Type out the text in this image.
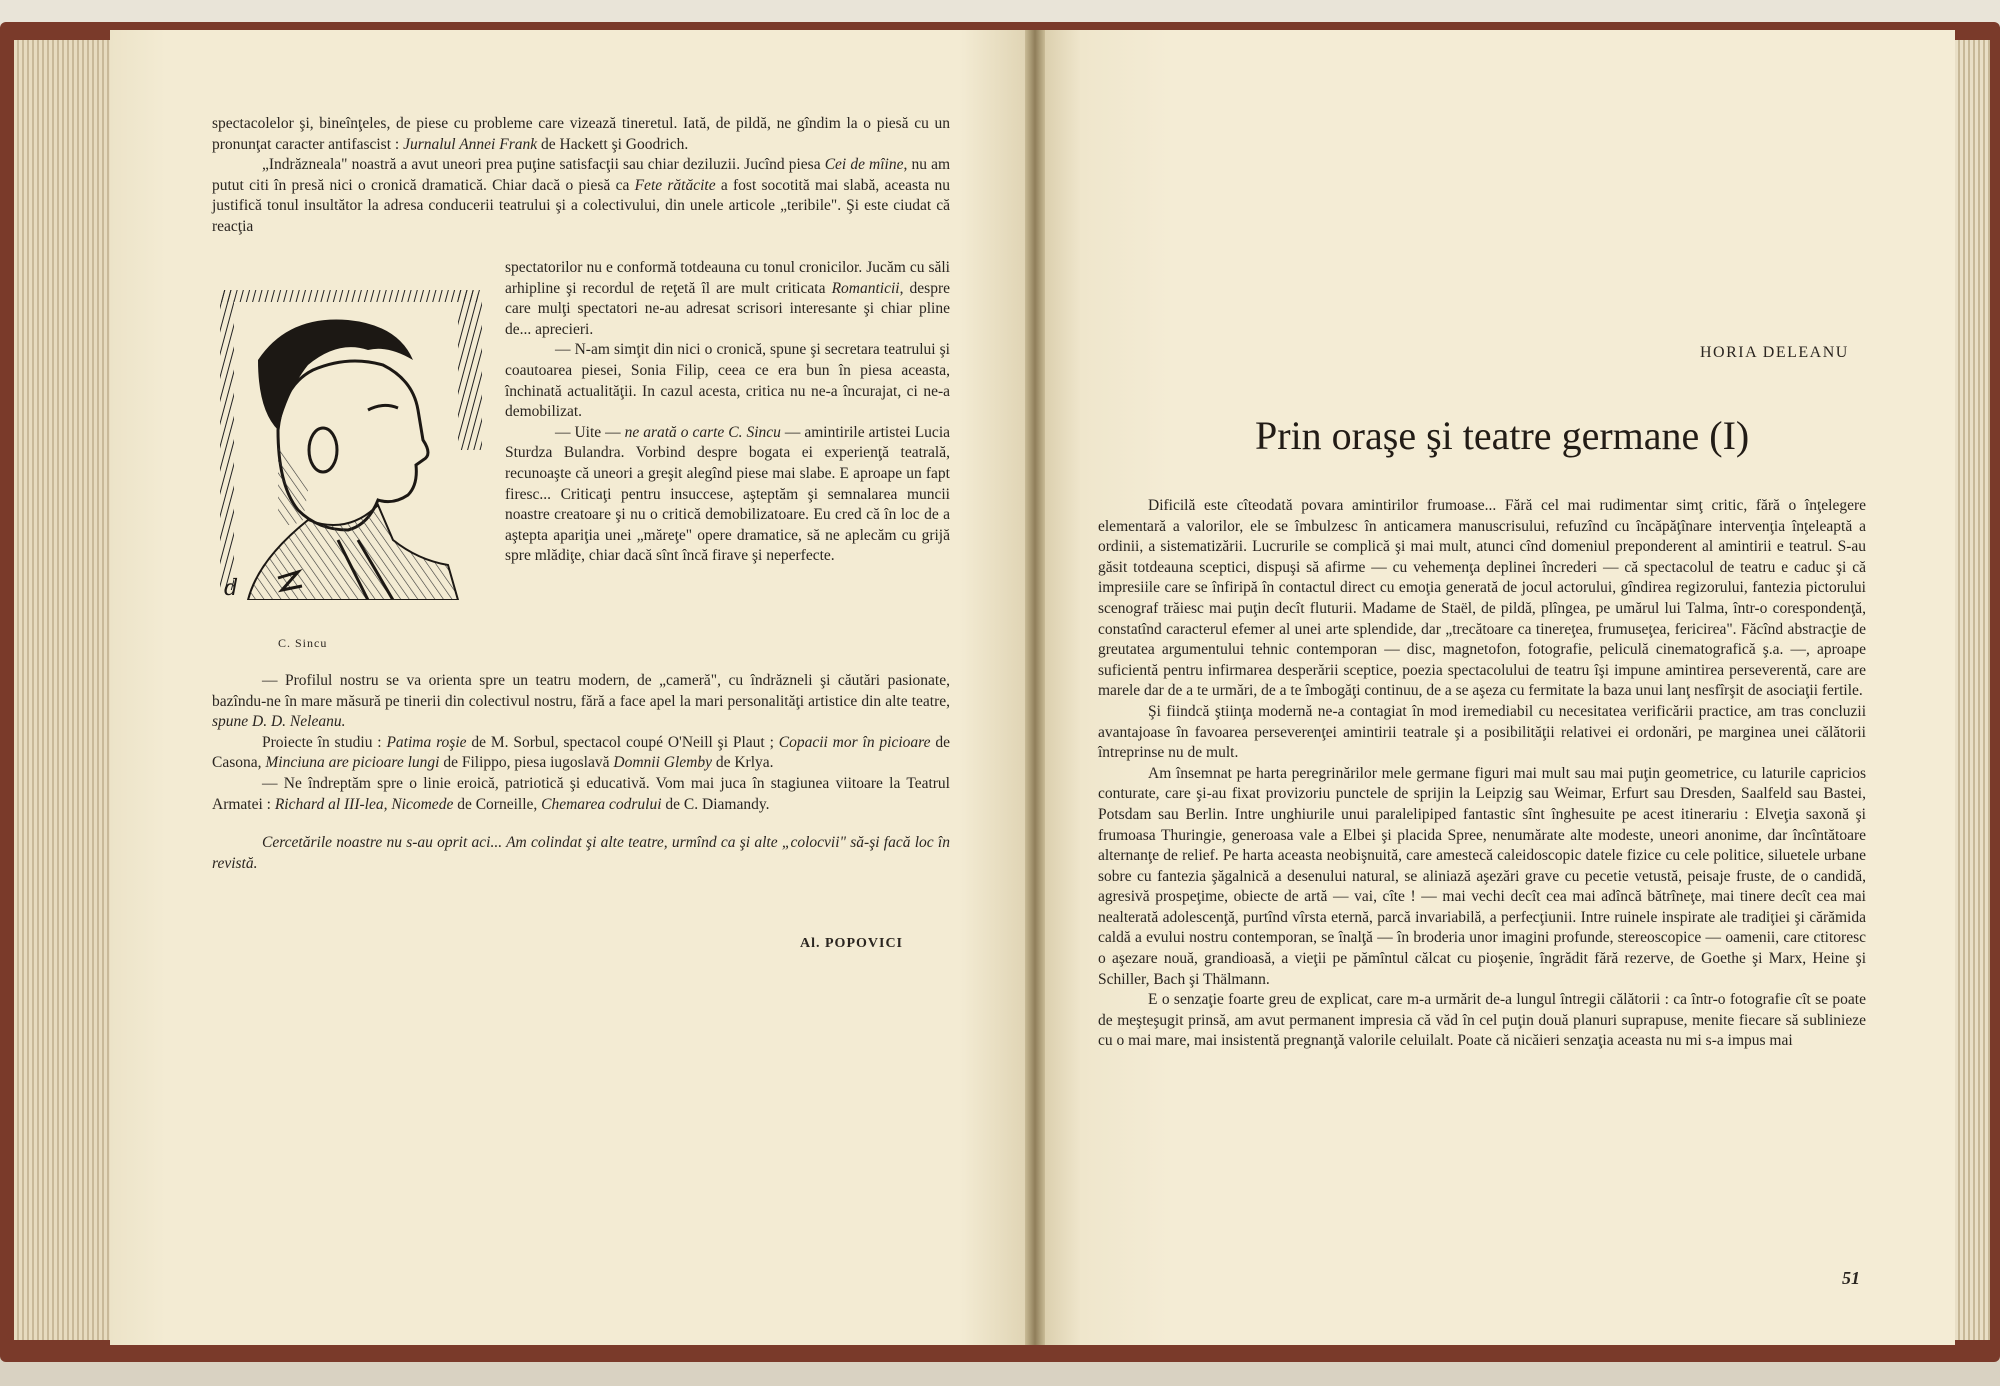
spectacolelor şi, bineînţeles, de piese cu probleme care vizează tineretul. Iată, de pildă, ne gîndim la o piesă cu un pronunţat caracter antifascist : Jurnalul Annei Frank de Hackett şi Goodrich.

„Indrăzneala" noastră a avut uneori prea puţine satisfacţii sau chiar deziluzii. Jucînd piesa Cei de mîine, nu am putut citi în presă nici o cronică dramatică. Chiar dacă o piesă ca Fete rătăcite a fost socotită mai slabă, aceasta nu justifică tonul insultător la adresa conducerii teatrului şi a colectivului, din unele articole „teribile". Şi este ciudat că reacţia

d
C. Sincu

spectatorilor nu e conformă totdeauna cu tonul cronicilor. Jucăm cu săli arhipline şi recordul de reţetă îl are mult criticata Romanticii, despre care mulţi spectatori ne-au adresat scrisori interesante şi chiar pline de... aprecieri.

— N-am simţit din nici o cronică, spune şi secretara teatrului şi coautoarea piesei, Sonia Filip, ceea ce era bun în piesa aceasta, închinată actualităţii. In cazul acesta, critica nu ne-a încurajat, ci ne-a demobilizat.

— Uite — ne arată o carte C. Sincu — amintirile artistei Lucia Sturdza Bulandra. Vorbind despre bogata ei experienţă teatrală, recunoaşte că uneori a greşit alegînd piese mai slabe. E aproape un fapt firesc... Criticaţi pentru insuccese, aşteptăm şi semnalarea muncii noastre creatoare şi nu o critică demobilizatoare. Eu cred că în loc de a aştepta apariţia unei „măreţe" opere dramatice, să ne aplecăm cu grijă spre mlădiţe, chiar dacă sînt încă firave şi neperfecte.

— Profilul nostru se va orienta spre un teatru modern, de „cameră", cu îndrăzneli şi căutări pasionate, bazîndu-ne în mare măsură pe tinerii din colectivul nostru, fără a face apel la mari personalităţi artistice din alte teatre, spune D. D. Neleanu.

Proiecte în studiu : Patima roşie de M. Sorbul, spectacol coupé O'Neill şi Plaut ; Copacii mor în picioare de Casona, Minciuna are picioare lungi de Filippo, piesa iugoslavă Domnii Glemby de Krlya.

— Ne îndreptăm spre o linie eroică, patriotică şi educativă. Vom mai juca în stagiunea viitoare la Teatrul Armatei : Richard al III-lea, Nicomede de Corneille, Chemarea codrului de C. Diamandy.

Cercetările noastre nu s-au oprit aci... Am colindat şi alte teatre, urmînd ca şi alte „colocvii" să-şi facă loc în revistă.

Al. POPOVICI
HORIA DELEANU
Prin oraşe şi teatre germane (I)

Dificilă este cîteodată povara amintirilor frumoase... Fără cel mai rudimentar simţ critic, fără o înţelegere elementară a valorilor, ele se îmbulzesc în anticamera manuscrisului, refuzînd cu încăpăţînare intervenţia înţeleaptă a ordinii, a sistematizării. Lucrurile se complică şi mai mult, atunci cînd domeniul preponderent al amintirii e teatrul. S-au găsit totdeauna sceptici, dispuşi să afirme — cu vehemenţa deplinei încrederi — că spectacolul de teatru e caduc şi că impresiile care se înfiripă în contactul direct cu emoţia generată de jocul actorului, gîndirea regizorului, fantezia pictorului scenograf trăiesc mai puţin decît fluturii. Madame de Staël, de pildă, plîngea, pe umărul lui Talma, într-o corespondenţă, constatînd caracterul efemer al unei arte splendide, dar „trecătoare ca tinereţea, frumuseţea, fericirea". Făcînd abstracţie de greutatea argumentului tehnic contemporan — disc, magnetofon, fotografie, peliculă cinematografică ş.a. —, aproape suficientă pentru infirmarea desperării sceptice, poezia spectacolului de teatru îşi impune amintirea perseverentă, care are marele dar de a te urmări, de a te îmbogăţi continuu, de a se aşeza cu fermitate la baza unui lanţ nesfîrşit de asociaţii fertile.

Şi fiindcă ştiinţa modernă ne-a contagiat în mod iremediabil cu necesitatea verificării practice, am tras concluzii avantajoase în favoarea perseverenţei amintirii teatrale şi a posibilităţii relativei ei ordonări, pe marginea unei călătorii întreprinse nu de mult.

Am însemnat pe harta peregrinărilor mele germane figuri mai mult sau mai puţin geometrice, cu laturile capricios conturate, care şi-au fixat provizoriu punctele de sprijin la Leipzig sau Weimar, Erfurt sau Dresden, Saalfeld sau Bastei, Potsdam sau Berlin. Intre unghiurile unui paralelipiped fantastic sînt înghesuite pe acest itinerariu : Elveţia saxonă şi frumoasa Thuringie, generoasa vale a Elbei şi placida Spree, nenumărate alte modeste, uneori anonime, dar încîntătoare alternanţe de relief. Pe harta aceasta neobişnuită, care amestecă caleidoscopic datele fizice cu cele politice, siluetele urbane sobre cu fantezia şăgalnică a desenului natural, se aliniază aşezări grave cu pecetie vetustă, peisaje fruste, de o candidă, agresivă prospeţime, obiecte de artă — vai, cîte ! — mai vechi decît cea mai adîncă bătrîneţe, mai tinere decît cea mai nealterată adolescenţă, purtînd vîrsta eternă, parcă invariabilă, a perfecţiunii. Intre ruinele inspirate ale tradiţiei şi cărămida caldă a evului nostru contemporan, se înalţă — în broderia unor imagini profunde, stereoscopice — oamenii, care ctitoresc o aşezare nouă, grandioasă, a vieţii pe pămîntul călcat cu pioşenie, îngrădit fără rezerve, de Goethe şi Marx, Heine şi Schiller, Bach şi Thälmann.

E o senzaţie foarte greu de explicat, care m-a urmărit de-a lungul întregii călătorii : ca într-o fotografie cît se poate de meşteşugit prinsă, am avut permanent impresia că văd în cel puţin două planuri suprapuse, menite fiecare să sublinieze cu o mai mare, mai insistentă pregnanţă valorile celuilalt. Poate că nicăieri senzaţia aceasta nu mi s-a impus mai

51
